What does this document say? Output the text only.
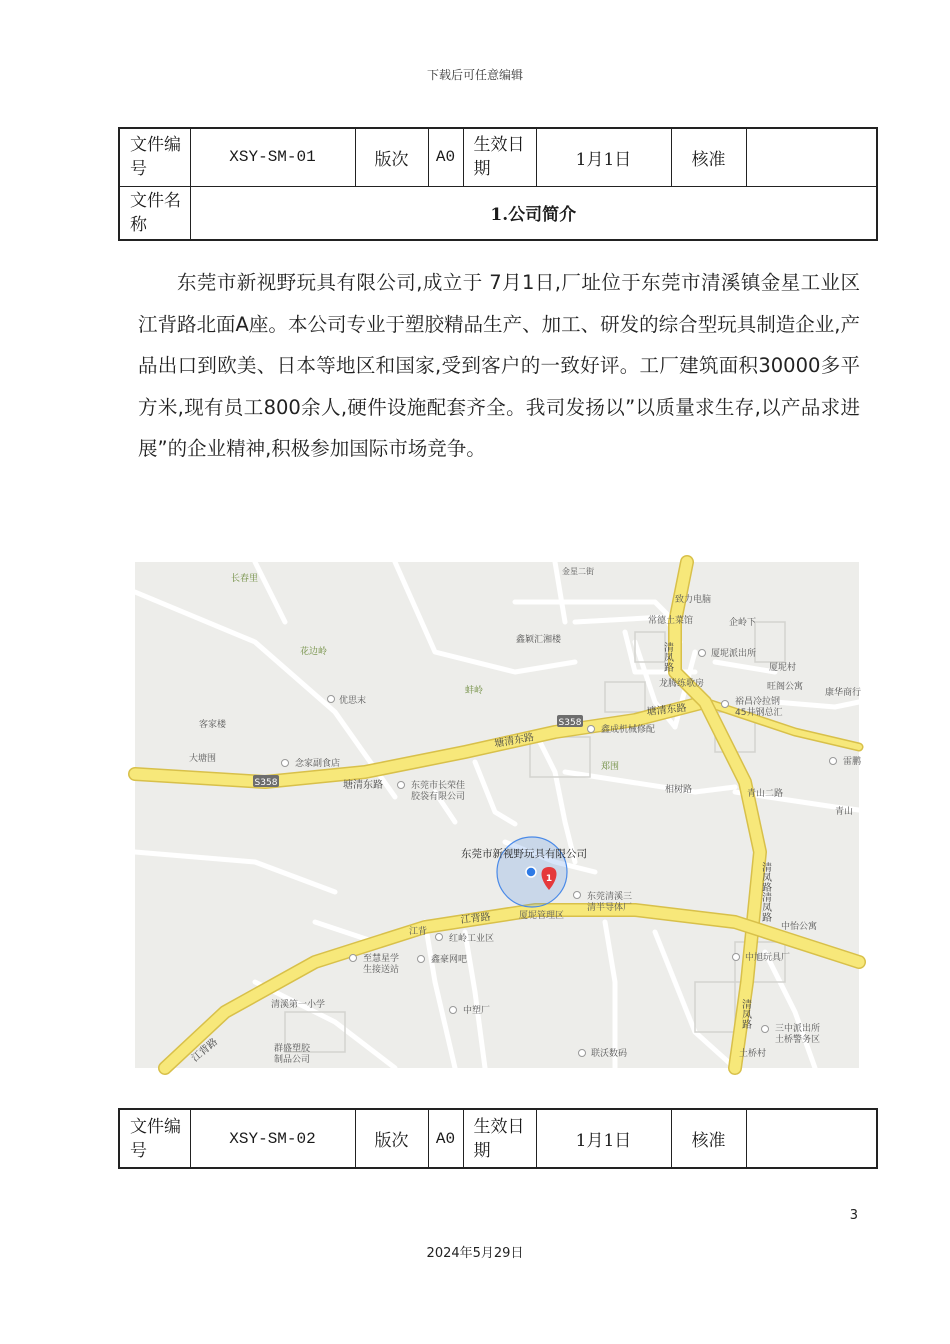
下载后可任意编辑
文件编号	XSY-SM-01	版次	A0	生效日期	1月1日	核准	
文件名称	1.公司简介						
东莞市新视野玩具有限公司,成立于 7月1日,厂址位于东莞市清溪镇金星工业区江背路北面A座。本公司专业于塑胶精品生产、加工、研发的综合型玩具制造企业,产品出口到欧美、日本等地区和国家,受到客户的一致好评。工厂建筑面积30000多平方米,现有员工800余人,硬件设施配套齐全。我司发扬以”以质量求生存,以产品求进展”的企业精神,积极参加国际市场竞争。
S358
S358
1
长春里
花边岭
客家楼
大塘围
优思末
念家副食店
蚌岭
鑫颖汇湘楼
金星二街
致力电脑
常德土菜馆	企岭下
厦坭派出所
厦坭村
龙腾练歌房	旺阁公寓
康华商行
裕昌冷拉钢
45井钢总汇
鑫成机械修配
郑围
相树路	青山二路
青山
雷鹏
东莞市长荣佳
胶袋有限公司
塘清东路
塘清东路
塘清东路
清凤路
清凤路清凤路
清凤路
江背路
江背路
江背
红岭工业区
厦坭管理区
东莞清溪三
清半导体厂
中怡公寓
中旭玩具厂
至慧星学
生接送站
鑫豪网吧
清溪第一小学
中塑厂
群盛塑胶
制品公司
联沃数码
三中派出所
土桥警务区
土桥村
东莞市新视野玩具有限公司
文件编号	XSY-SM-02	版次	A0	生效日期	1月1日	核准	
3
2024年5月29日
